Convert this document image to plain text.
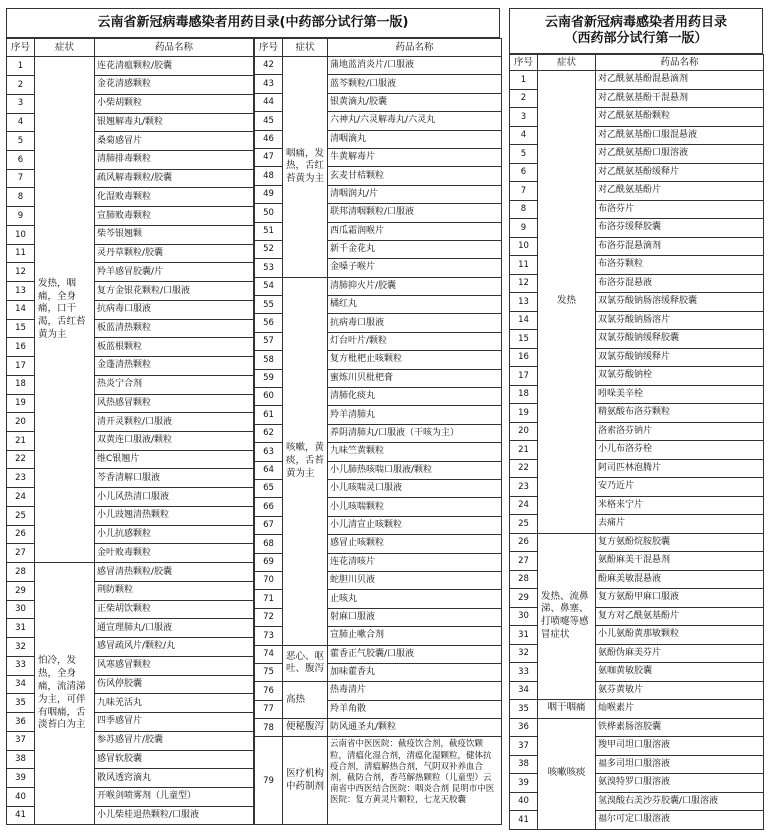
云南省新冠病毒感染者用药目录(中药部分试行第一版)
序号	症状	药品名称
1	发热，咽痛，全身痛，口干渴，舌红苔黄为主	连花清瘟颗粒/胶囊
2		金花清感颗粒
3		小柴胡颗粒
4		银翘解毒丸/颗粒
5		桑菊感冒片
6		清肺排毒颗粒
7		疏风解毒颗粒/胶囊
8		化湿败毒颗粒
9		宣肺败毒颗粒
10		柴芩银翘颗
11		灵丹草颗粒/胶囊
12		羚羊感冒胶囊/片
13		复方金银花颗粒/口服液
14		抗病毒口服液
15		板蓝清热颗粒
16		板蓝根颗粒
17		金蓬清热颗粒
18		热炎宁合剂
19		风热感冒颗粒
20		清开灵颗粒/口服液
21		双黄连口服液/颗粒
22		维C银翘片
23		芩香清解口服液
24		小儿风热清口服液
25		小儿豉翘清热颗粒
26		小儿抗感颗粒
27		金叶败毒颗粒
28	怕冷，发热，全身痛，流清涕为主，可伴有咽痛，舌淡苔白为主	感冒清热颗粒/胶囊
29		荆防颗粒
30		正柴胡饮颗粒
31		通宣理肺丸/口服液
32		感冒疏风片/颗粒/丸
33		风寒感冒颗粒
34		伤风停胶囊
35		九味羌活丸
36		四季感冒片
37		参苏感冒片/胶囊
38		感冒软胶囊
39		散风透窍滴丸
40		开喉剑喷雾剂（儿童型）
41		小儿柴桂退热颗粒/口服液
序号	症状	药品名称
42	咽痛，发热，舌红苔黄为主	蒲地蓝消炎片/口服液
43		蓝芩颗粒/口服液
44		银黄滴丸/胶囊
45		六神丸/六灵解毒丸/六灵丸
46		清咽滴丸
47		牛黄解毒片
48		玄麦甘桔颗粒
49		清咽润丸/片
50		联邦清咽颗粒/口服液
51		西瓜霜润喉片
52		新千金花丸
53		金嗓子喉片
54	咳嗽，黄痰，舌苔黄为主	清肺抑火片/胶囊
55		橘红丸
56		抗病毒口服液
57		灯台叶片/颗粒
58		复方枇杷止咳颗粒
59		蜜炼川贝枇杷膏
60		清肺化痰丸
61		羚羊清肺丸
62		养阴清肺丸/口服液（干咳为主）
63		九味竺黄颗粒
64		小儿肺热咳喘口服液/颗粒
65		小儿咳喘灵口服液
66		小儿咳喘颗粒
67		小儿清宣止咳颗粒
68		感冒止咳颗粒
69		连花清咳片
70		蛇胆川贝液
71		止咳丸
72		射麻口服液
73		宣肺止嗽合剂
74	恶心、呕吐、腹泻	藿香正气胶囊/口服液
75		加味藿香丸
76	高热	热毒清片
77		羚羊角散
78	便秘腹泻	防风通圣丸/颗粒
79	医疗机构中药制剂	云南省中医医院：截疫饮合剂，截疫饮颗粒，清瘟化湿合剂，清瘟化湿颗粒，健体抗疫合剂，清瘟解热合剂，气阴双补养血合剂，截防合剂，香芎解热颗粒（儿童型）云南省中西医结合医院：咽炎合剂 昆明市中医医院：复方黄灵片颗粒，七龙天胶囊
云南省新冠病毒感染者用药目录
（西药部分试行第一版）
序号	症状	药品名称
1	发热	对乙酰氨基酚混悬滴剂
2		对乙酰氨基酚干混悬剂
3		对乙酰氨基酚颗粒
4		对乙酰氨基酚口服混悬液
5		对乙酰氨基酚口服溶液
6		对乙酰氨基酚缓释片
7		对乙酰氨基酚片
8		布洛芬片
9		布洛芬缓释胶囊
10		布洛芬混悬滴剂
11		布洛芬颗粒
12		布洛芬混悬液
13		双氯芬酸钠肠溶缓释胶囊
14		双氯芬酸钠肠溶片
15		双氯芬酸钠缓释胶囊
16		双氯芬酸钠缓释片
17		双氯芬酸钠栓
18		吲哚美辛栓
19		精氨酸布洛芬颗粒
20		洛索洛芬钠片
21		小儿布洛芬栓
22		阿司匹林泡腾片
23		安乃近片
24		米格来宁片
25		去痛片
26	发热、流鼻涕、鼻塞、打喷嚏等感冒症状	复方氨酚烷胺胶囊
27		氨酚麻美干混悬剂
28		酚麻美敏混悬液
29		复方氨酚甲麻口服液
30		复方对乙酰氨基酚片
31		小儿氨酚黄那敏颗粒
32		氨酚伪麻美芬片
33		氨咖黄敏胶囊
34		氨芬黄敏片
35	咽干咽痛	灿喉素片
36	咳嗽咳痰	铁桦素肠溶胶囊
37		羧甲司坦口服溶液
38		福多司坦口服溶液
39		氨溴特罗口服溶液
40		氢溴酸右美沙芬胶囊/口服溶液
41		福尔可定口服溶液
